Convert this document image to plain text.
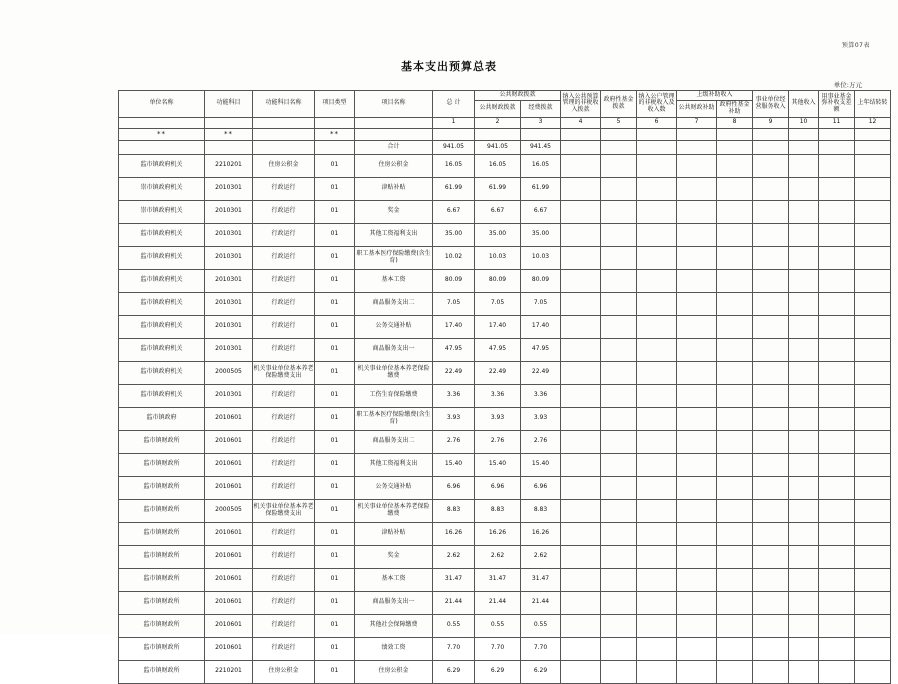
预算07表
基本支出预算总表
单位:万元
单位名称	功能科目	功能科目名称	项目类型	项目名称	总 计	公共财政拨款		纳入公共预算管理的非税收入拨款	政府性基金拨款	纳入公户管理的非税收入及收入数	上级补助收入		事业单位经营服务收入	其他收入	用事业基金弥补收支差额	上年结转转
						公共财政拨款	经费拨款				公共财政补助	政府性基金补助				

					1	2	3	4	5	6	7	8	9	10	11	12
**	**		**													
				合计	941.05	941.05	941.45									
监市镇政府机关	2210201	住房公积金	01	住房公积金	16.05	16.05	16.05									
崇市镇政府机关	2010301	行政运行	01	津贴补贴	61.99	61.99	61.99									
崇市镇政府机关	2010301	行政运行	01	奖金	6.67	6.67	6.67									
监市镇政府机关	2010301	行政运行	01	其他工资福利支出	35.00	35.00	35.00									
监市镇政府机关	2010301	行政运行	01	职工基本医疗保险缴费(含生育)	10.02	10.03	10.03									
监市镇政府机关	2010301	行政运行	01	基本工资	80.09	80.09	80.09									
监市镇政府机关	2010301	行政运行	01	商品服务支出二	7.05	7.05	7.05									
监市镇政府机关	2010301	行政运行	01	公务交通补贴	17.40	17.40	17.40									
监市镇政府机关	2010301	行政运行	01	商品服务支出一	47.95	47.95	47.95									
监市镇政府机关	2000505	机关事业单位基本养老保险缴费支出	01	机关事业单位基本养老保险缴费	22.49	22.49	22.49									
监市镇政府机关	2010301	行政运行	01	工伤生育保险缴费	3.36	3.36	3.36									
监市镇政府	2010601	行政运行	01	职工基本医疗保险缴费(含生育)	3.93	3.93	3.93									
监市镇财政所	2010601	行政运行	01	商品服务支出二	2.76	2.76	2.76									
监市镇财政所	2010601	行政运行	01	其他工资福利支出	15.40	15.40	15.40									
监市镇财政所	2010601	行政运行	01	公务交通补贴	6.96	6.96	6.96									
监市镇财政所	2000505	机关事业单位基本养老保险缴费支出	01	机关事业单位基本养老保险缴费	8.83	8.83	8.83									
监市镇财政所	2010601	行政运行	01	津贴补贴	16.26	16.26	16.26									
监市镇财政所	2010601	行政运行	01	奖金	2.62	2.62	2.62									
监市镇财政所	2010601	行政运行	01	基本工资	31.47	31.47	31.47									
监市镇财政所	2010601	行政运行	01	商品服务支出一	21.44	21.44	21.44									
监市镇财政所	2010601	行政运行	01	其他社会保障缴费	0.55	0.55	0.55									
监市镇财政所	2010601	行政运行	01	绩效工资	7.70	7.70	7.70									
监市镇财政所	2210201	住房公积金	01	住房公积金	6.29	6.29	6.29									
